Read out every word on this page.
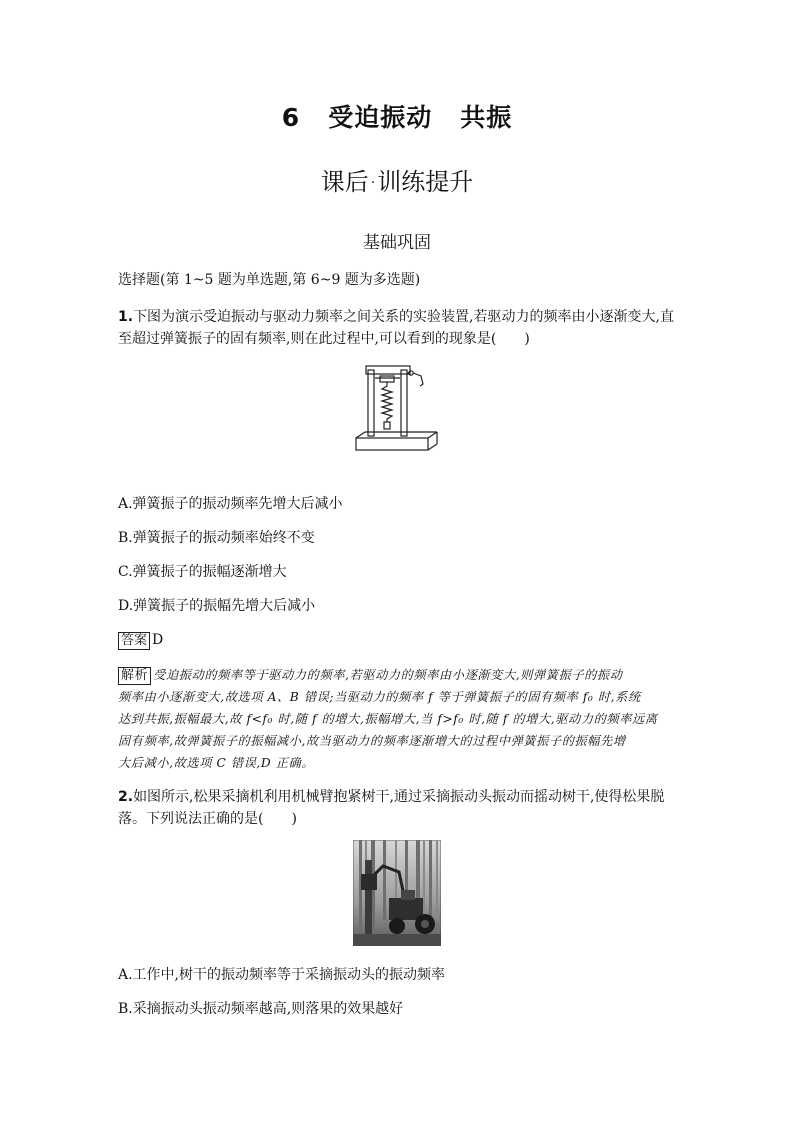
6 受迫振动 共振
课后 ·训练提升
基础巩固
选择题(第 1~5 题为单选题,第 6~9 题为多选题)
1.下图为演示受迫振动与驱动力频率之间关系的实验装置,若驱动力的频率由小逐渐变大,直
至超过弹簧振子的固有频率,则在此过程中,可以看到的现象是(　　)
A.弹簧振子的振动频率先增大后减小
B.弹簧振子的振动频率始终不变
C.弹簧振子的振幅逐渐增大
D.弹簧振子的振幅先增大后减小
答案 D
解析 受迫振动的频率等于驱动力的频率,若驱动力的频率由小逐渐变大,则弹簧振子的振动
频率由小逐渐变大,故选项 A、B 错误;当驱动力的频率 f 等于弹簧振子的固有频率 f₀ 时,系统
达到共振,振幅最大,故 f<f₀ 时,随 f 的增大,振幅增大,当 f>f₀ 时,随 f 的增大,驱动力的频率远离
固有频率,故弹簧振子的振幅减小,故当驱动力的频率逐渐增大的过程中弹簧振子的振幅先增
大后减小,故选项 C 错误,D 正确。
2.如图所示,松果采摘机利用机械臂抱紧树干,通过采摘振动头振动而摇动树干,使得松果脱
落。下列说法正确的是(　　)
A.工作中,树干的振动频率等于采摘振动头的振动频率
B.采摘振动头振动频率越高,则落果的效果越好
